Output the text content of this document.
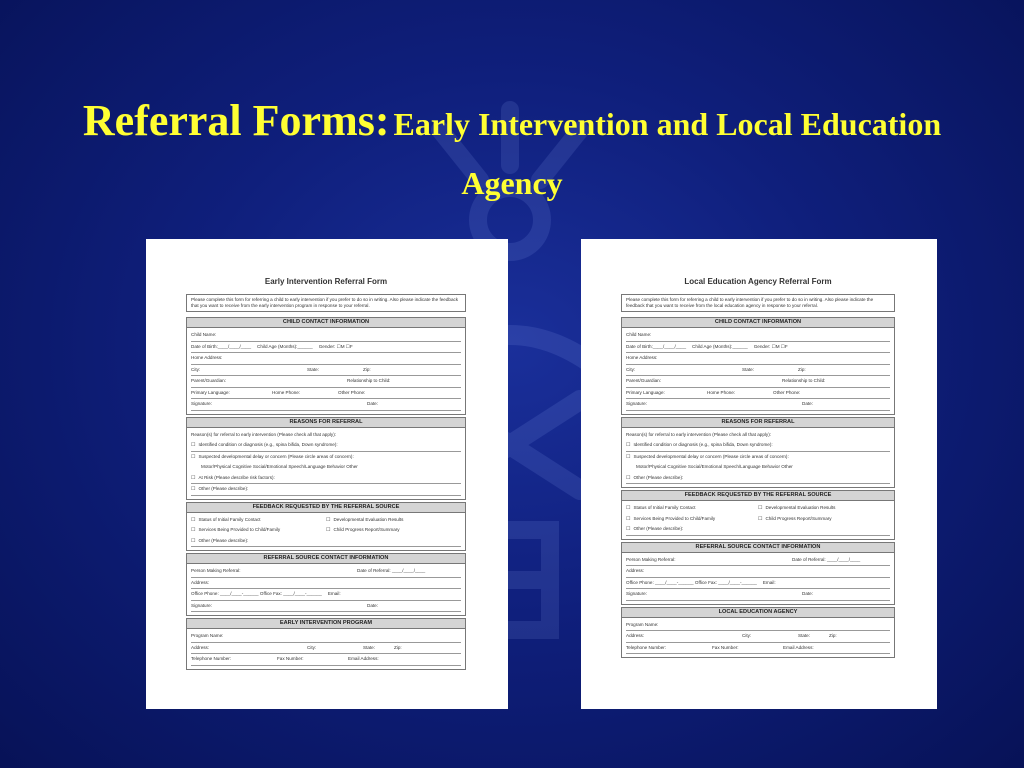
Referral Forms: Early Intervention and Local Education Agency
Early Intervention Referral Form
Please complete this form for referring a child to early intervention if you prefer to do so in writing. Also please indicate the feedback that you want to receive from the early intervention program in response to your referral.
CHILD CONTACT INFORMATION
Child Name:
Date of Birth:____/____/____ Child Age (Months):______ Gender: ☐M ☐F
Home Address:
City:	State:	Zip:
Parent/Guardian:	Relationship to Child:
Primary Language:	Home Phone:	Other Phone:
Signature:	Date:
REASONS FOR REFERRAL
Reason(s) for referral to early intervention (Please check all that apply):
☐ Identified condition or diagnosis (e.g., spina bifida, Down syndrome):
☐ Suspected developmental delay or concern (Please circle areas of concern):
Motor/Physical Cognitive Social/Emotional Speech/Language Behavior Other
☐ At Risk (Please describe risk factors):
☐ Other (Please describe):
FEEDBACK REQUESTED BY THE REFERRAL SOURCE
☐ Status of Initial Family Contact
☐ Services Being Provided to Child/Family
☐ Developmental Evaluation Results
☐ Child Progress Report/Summary
☐ Other (Please describe):
REFERRAL SOURCE CONTACT INFORMATION
Person Making Referral:	Date of Referral: ____/____/____
Address:
Office Phone: ____/____-______ Office Fax: ____/____-______ Email:
Signature:	Date:
EARLY INTERVENTION PROGRAM
Program Name:
Address:	City:	State:	Zip:
Telephone Number:	Fax Number:	Email Address:
Local Education Agency Referral Form
Please complete this form for referring a child to early intervention if you prefer to do so in writing. Also please indicate the feedback that you want to receive from the local education agency in response to your referral.
CHILD CONTACT INFORMATION
Child Name:
Date of Birth:____/____/____ Child Age (Months):______ Gender: ☐M ☐F
Home Address:
City:	State:	Zip:
Parent/Guardian:	Relationship to Child:
Primary Language:	Home Phone:	Other Phone:
Signature:	Date:
REASONS FOR REFERRAL
Reason(s) for referral to early intervention (Please check all that apply):
☐ Identified condition or diagnosis (e.g., spina bifida, Down syndrome):
☐ Suspected developmental delay or concern (Please circle areas of concern):
Motor/Physical Cognitive Social/Emotional Speech/Language Behavior Other
☐ Other (Please describe):
FEEDBACK REQUESTED BY THE REFERRAL SOURCE
☐ Status of Initial Family Contact
☐ Services Being Provided to Child/Family
☐ Developmental Evaluation Results
☐ Child Progress Report/Summary
☐ Other (Please describe):
REFERRAL SOURCE CONTACT INFORMATION
Person Making Referral:	Date of Referral: ____/____/____
Address:
Office Phone: ____/____-______ Office Fax: ____/____-______ Email:
Signature:	Date:
LOCAL EDUCATION AGENCY
Program Name:
Address:	City:	State:	Zip:
Telephone Number:	Fax Number:	Email Address:
